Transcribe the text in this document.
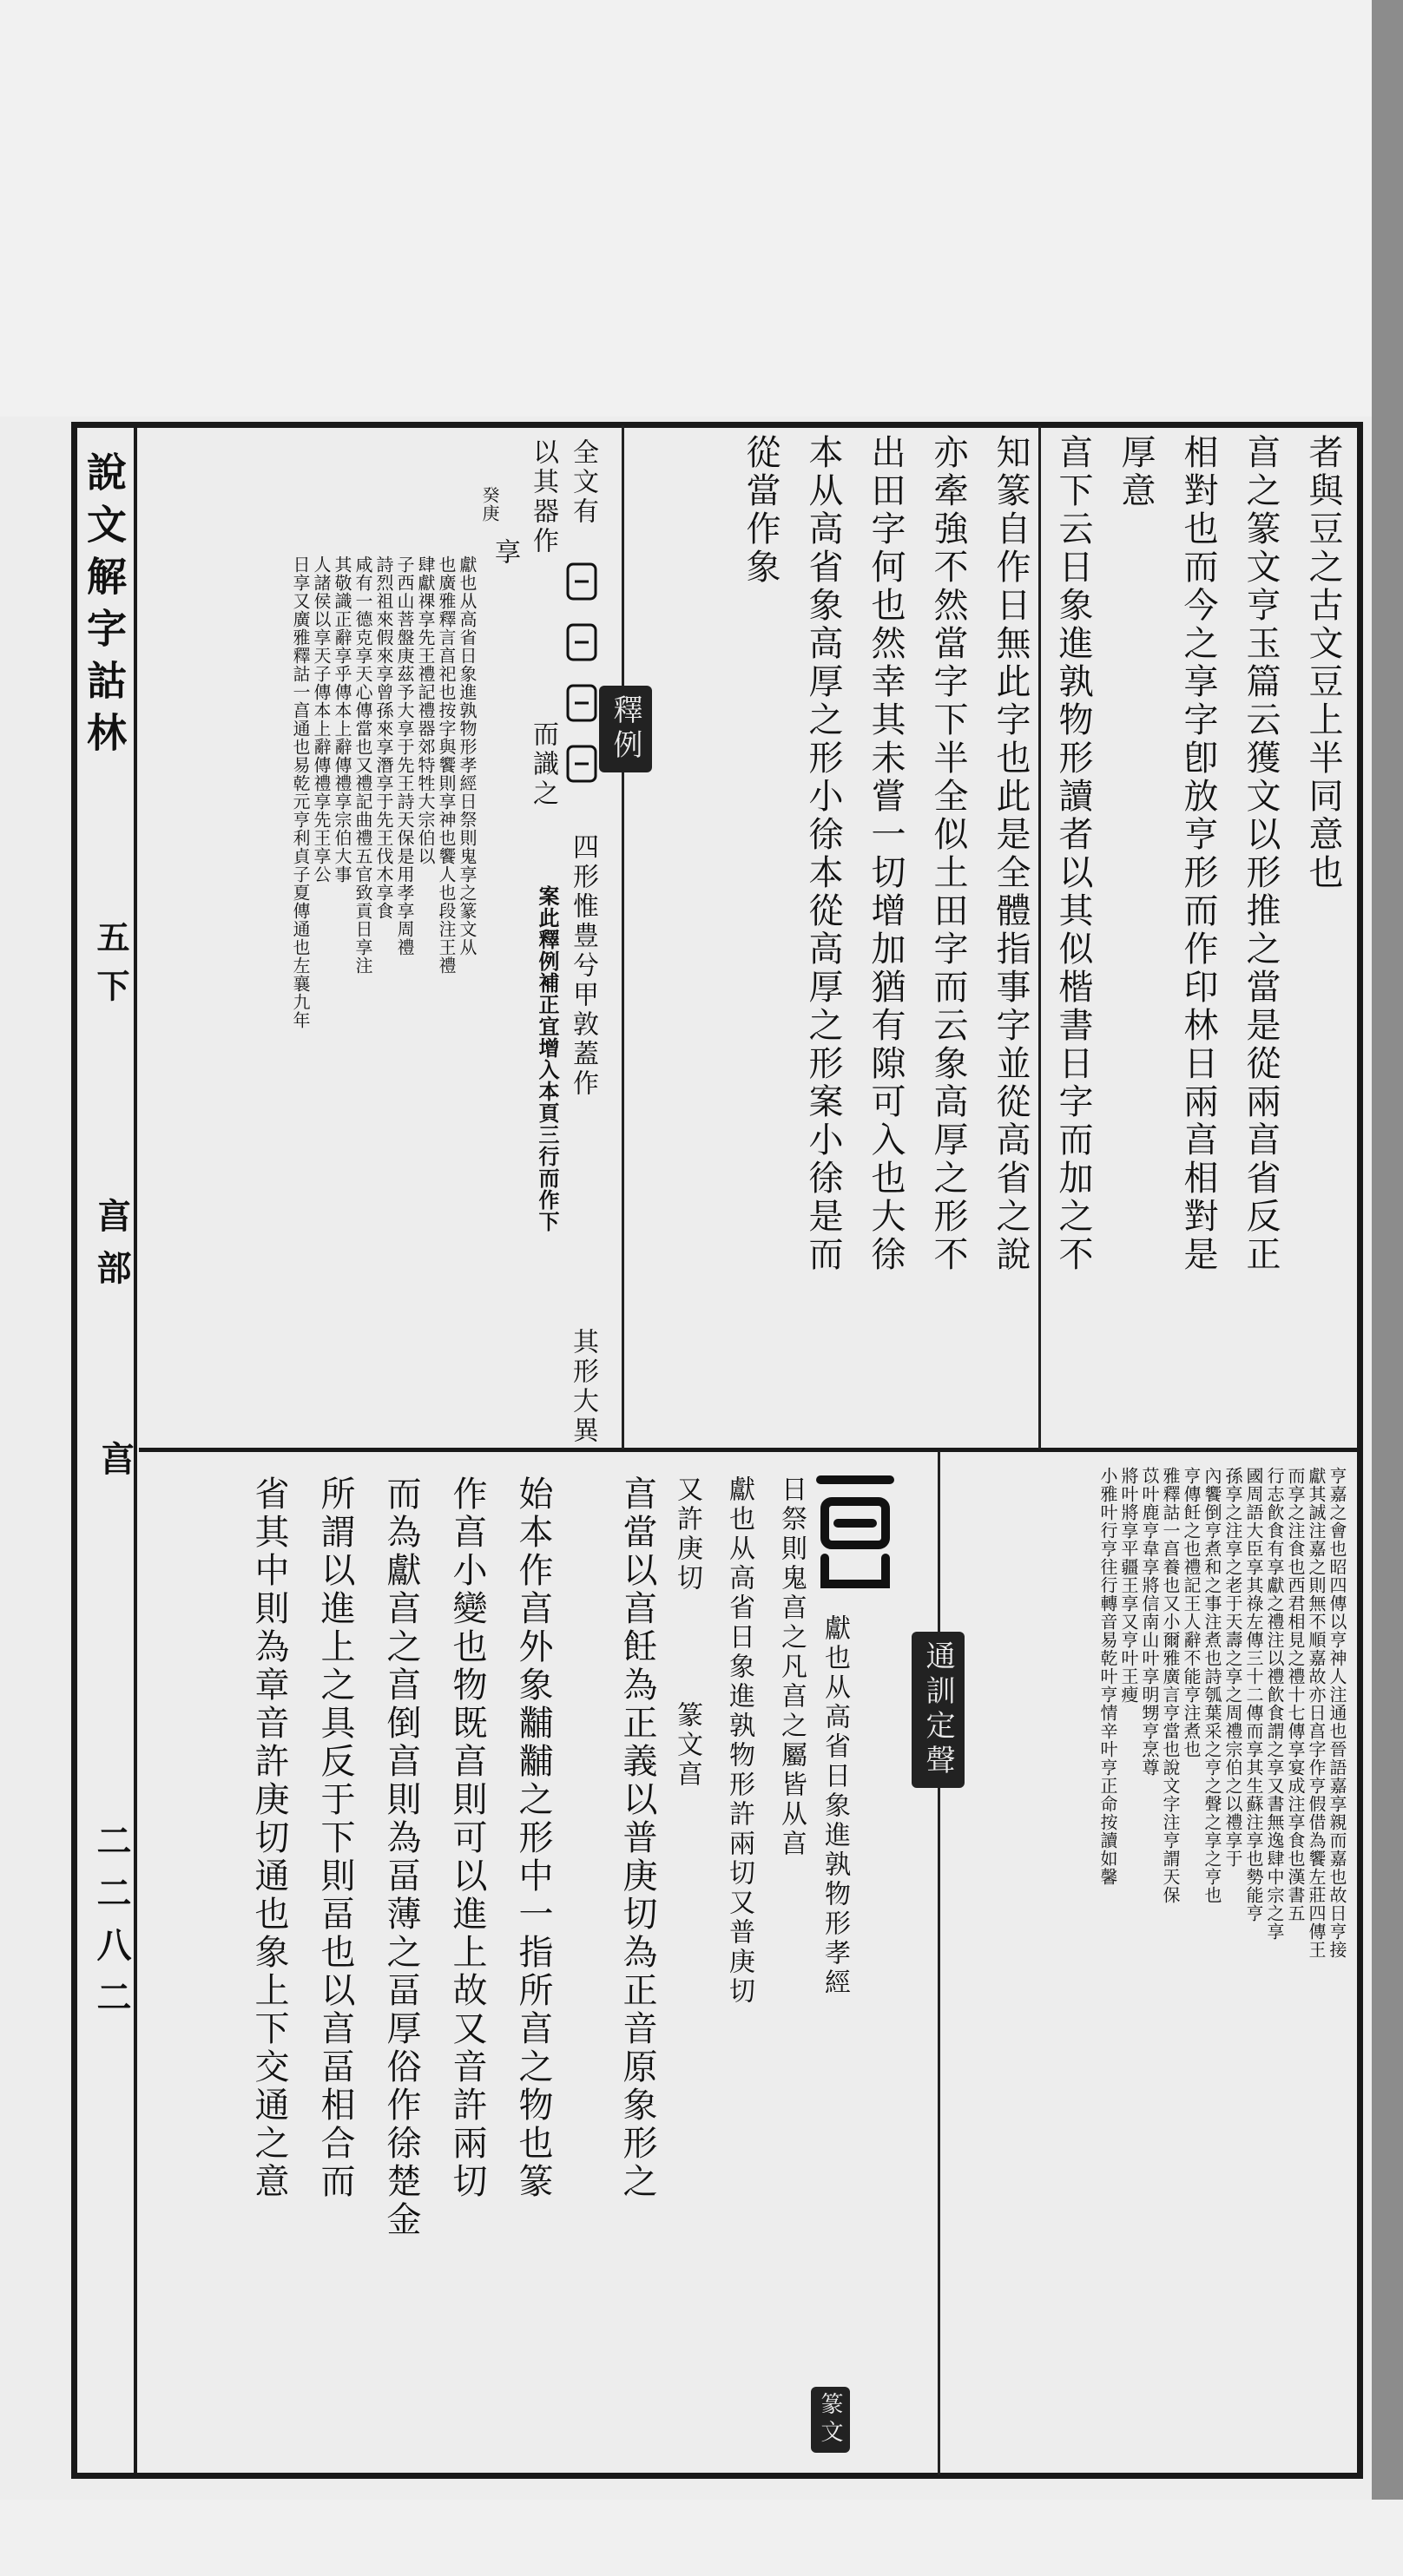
說文解字詁林
五下
亯部
亯
二二八二
者與豆之古文豆上半同意也
亯之篆文亨玉篇云獲文以形推之當是從兩亯省反正
相對也而今之享字卽放亨形而作印林日兩亯相對是
厚意
亯下云日象進孰物形讀者以其似楷書日字而加之不
知篆自作日無此字也此是全體指事字並從高省之說
亦牽強不然當字下半全似土田字而云象高厚之形不
出田字何也然幸其未嘗一切增加猶有隙可入也大徐
本从高省象高厚之形小徐本從高厚之形案小徐是而
從當作象
釋例
全文有
四形惟豊兮甲敦蓋作
其形大異
以其器作
而識之
案此釋例補正宜增入本頁三行而作下
癸庚
享
獻也从高省日象進孰物形孝經日祭則鬼享之篆文从
也廣雅釋言亯祀也按字與饗則享神也饗人也段注王禮
肆獻祼享先王禮記禮器郊特牲大宗伯以
子西山菩盤庚茲予大享于先王詩天保是用孝享周禮
詩烈祖來假來享曾孫來享潛享于先王伐木享食
咸有一德克享天心傳當也又禮記曲禮五官致貢日享注
其敬識正辭享乎傳本上辭傳禮享宗伯大事
人諸侯以享天子傳本上辭傳禮享先王享公
日享又廣雅釋詁一亯通也易乾元亨利貞子夏傳通也左襄九年
通訓定聲	亨嘉之會也昭四傳以亨神人注通也晉語嘉享親而嘉也故日亨接
獻其誠注嘉之則無不順嘉故亦日亯字作亨假借為饗左莊四傳王
而享之注食也西君相見之禮十七傳享宴成注享食也漢書五
行志飮食有享獻之禮注以禮飮食謂之享又書無逸肆中宗之享
國周語大臣享其祿左傳三十二傳而享其生蘇注享也勢能亨
孫享之注享之老于天壽之享之周禮宗伯之以禮享于
內饗倒亨煮和之事注煮也詩瓠葉采之亨之聲之享之亨也
亨傳飪之也禮記王人辭不能亨注煮也
雅釋詁一亯養也又小爾雅廣言亨當也說文字注亨謂天保
苡叶鹿亨韋享將信南山叶享明甥亨烹尊
將叶將享平疆王享又亨叶王瘦
小雅叶行亨往行轉音易乾叶亨情辛叶亨正命按讀如馨
獻也从高省日象進孰物形孝經
日祭則鬼亯之凡亯之屬皆从亯
獻也从高省日象進孰物形許兩切又普庚切
篆文
又許庚切
篆文亯
亯當以亯飪為正義以普庚切為正音原象形之
始本作亯外象黼黼之形中一指所亯之物也篆
作亯小變也物既亯則可以進上故又音許兩切
而為獻亯之亯倒亯則為畐薄之畐厚俗作徐楚金
所謂以進上之具反于下則畐也以亯畐相合而
省其中則為章音許庚切通也象上下交通之意
